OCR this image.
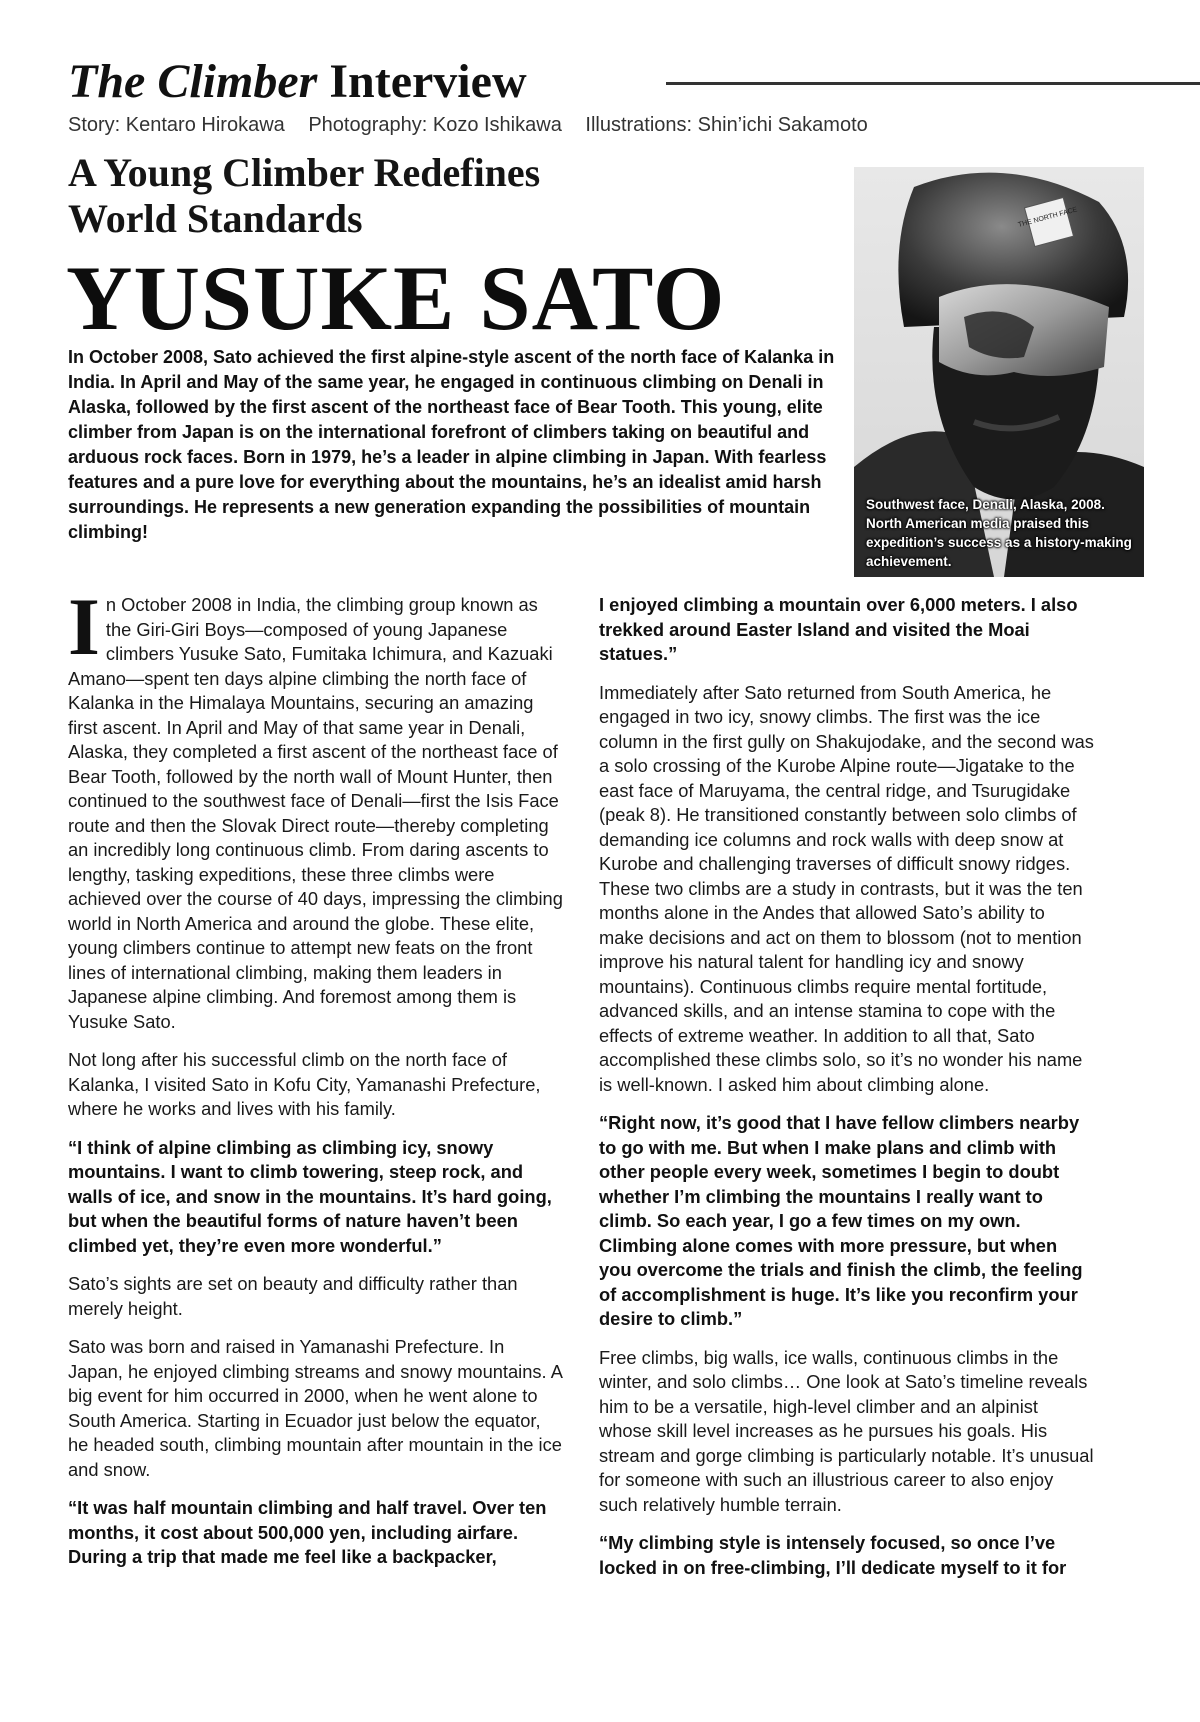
The Climber Interview
Story: Kentaro Hirokawa Photography: Kozo Ishikawa Illustrations: Shin’ichi Sakamoto
A Young Climber Redefines
World Standards
YUSUKE SATO
In October 2008, Sato achieved the first alpine-style ascent of the north face of Kalanka in India. In April and May of the same year, he engaged in continuous climbing on Denali in Alaska, followed by the first ascent of the northeast face of Bear Tooth. This young, elite climber from Japan is on the international forefront of climbers taking on beautiful and arduous rock faces. Born in 1979, he’s a leader in alpine climbing in Japan. With fearless features and a pure love for everything about the mountains, he’s an idealist amid harsh surroundings. He represents a new generation expanding the possibilities of mountain climbing!
THE NORTH FACE
Southwest face, Denali, Alaska, 2008. North American media praised this expedition’s success as a history-making achievement.

In October 2008 in India, the climbing group known as the Giri-Giri Boys—composed of young Japanese climbers Yusuke Sato, Fumitaka Ichimura, and Kazuaki Amano—spent ten days alpine climbing the north face of Kalanka in the Himalaya Mountains, securing an amazing first ascent. In April and May of that same year in Denali, Alaska, they completed a first ascent of the northeast face of Bear Tooth, followed by the north wall of Mount Hunter, then continued to the southwest face of Denali—first the Isis Face route and then the Slovak Direct route—thereby completing an incredibly long continuous climb. From daring ascents to lengthy, tasking expeditions, these three climbs were achieved over the course of 40 days, impressing the climbing world in North America and around the globe. These elite, young climbers continue to attempt new feats on the front lines of international climbing, making them leaders in Japanese alpine climbing. And foremost among them is Yusuke Sato.

Not long after his successful climb on the north face of Kalanka, I visited Sato in Kofu City, Yamanashi Prefecture, where he works and lives with his family.

“I think of alpine climbing as climbing icy, snowy mountains. I want to climb towering, steep rock, and walls of ice, and snow in the mountains. It’s hard going, but when the beautiful forms of nature haven’t been climbed yet, they’re even more wonderful.”

Sato’s sights are set on beauty and difficulty rather than merely height.

Sato was born and raised in Yamanashi Prefecture. In Japan, he enjoyed climbing streams and snowy mountains. A big event for him occurred in 2000, when he went alone to South America. Starting in Ecuador just below the equator, he headed south, climbing mountain after mountain in the ice and snow.

“It was half mountain climbing and half travel. Over ten months, it cost about 500,000 yen, including airfare. During a trip that made me feel like a backpacker,

I enjoyed climbing a mountain over 6,000 meters. I also trekked around Easter Island and visited the Moai statues.”

Immediately after Sato returned from South America, he engaged in two icy, snowy climbs. The first was the ice column in the first gully on Shakujodake, and the second was a solo crossing of the Kurobe Alpine route—Jigatake to the east face of Maruyama, the central ridge, and Tsurugidake (peak 8). He transitioned constantly between solo climbs of demanding ice columns and rock walls with deep snow at Kurobe and challenging traverses of difficult snowy ridges. These two climbs are a study in contrasts, but it was the ten months alone in the Andes that allowed Sato’s ability to make decisions and act on them to blossom (not to mention improve his natural talent for handling icy and snowy mountains). Continuous climbs require mental fortitude, advanced skills, and an intense stamina to cope with the effects of extreme weather. In addition to all that, Sato accomplished these climbs solo, so it’s no wonder his name is well-known. I asked him about climbing alone.

“Right now, it’s good that I have fellow climbers nearby to go with me. But when I make plans and climb with other people every week, sometimes I begin to doubt whether I’m climbing the mountains I really want to climb. So each year, I go a few times on my own. Climbing alone comes with more pressure, but when you overcome the trials and finish the climb, the feeling of accomplishment is huge. It’s like you reconfirm your desire to climb.”

Free climbs, big walls, ice walls, continuous climbs in the winter, and solo climbs… One look at Sato’s timeline reveals him to be a versatile, high-level climber and an alpinist whose skill level increases as he pursues his goals. His stream and gorge climbing is particularly notable. It’s unusual for someone with such an illustrious career to also enjoy such relatively humble terrain.

“My climbing style is intensely focused, so once I’ve locked in on free-climbing, I’ll dedicate myself to it for
